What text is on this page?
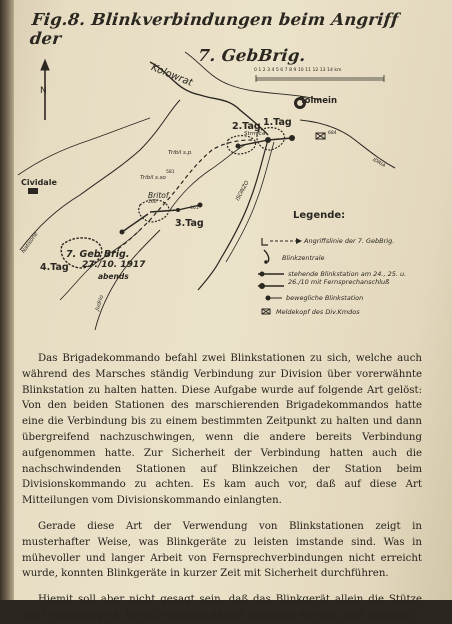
Fig.8. Blinkverbindungen beim Angriff der
7. GebBrig.
N
0 1 2 3 4 5 6 7 8 9 10 11 12 13 14 km
Tolmein
Cividale
Kolowrat
ISONZO
IDRIA
Natisone
Judrio
1.Tag
2.Tag
3.Tag
4.Tag
7. Geb Brig.
27./10. 1917
abends
Britof
Strmica
Tribil s.p.
Tribil s.so
684
581
260
461
Legende:
Angriffslinie der 7. GebBrig.
Blinkzentrale
stehende Blinkstation am 24., 25. u. 26./10 mit Fernsprechanschluß
bewegliche Blinkstation
Meldekopf des Div.Kmdos

Das Brigadekommando befahl zwei Blinkstationen zu sich, welche auch während des Marsches ständig Verbindung zur Division über vorerwähnte Blinkstation zu halten hatten. Diese Aufgabe wurde auf folgende Art gelöst: Von den beiden Stationen des marschierenden Brigadekommandos hatte eine die Verbindung bis zu einem bestimmten Zeitpunkt zu halten und dann übergreifend nachzuschwingen, wenn die andere bereits Verbindung aufgenommen hatte. Zur Sicherheit der Verbindung hatten auch die nachschwindenden Stationen auf Blinkzeichen der Station beim Divisionskommando zu achten. Es kam auch vor, daß auf diese Art Mitteilungen vom Divisionskommando einlangten.

Gerade diese Art der Verwendung von Blinkstationen zeigt in musterhafter Weise, was Blinkgeräte zu leisten imstande sind. Was in mühevoller und langer Arbeit von Fernsprechverbindungen nicht erreicht wurde, konnten Blinkgeräte in kurzer Zeit mit Sicherheit durchführen.

Hiemit soll aber nicht gesagt sein, daß das Blinkgerät allein die Stütze der Verbindung ist. Es soll vielmehr darauf gewiesen werden, daß dasselbe,
